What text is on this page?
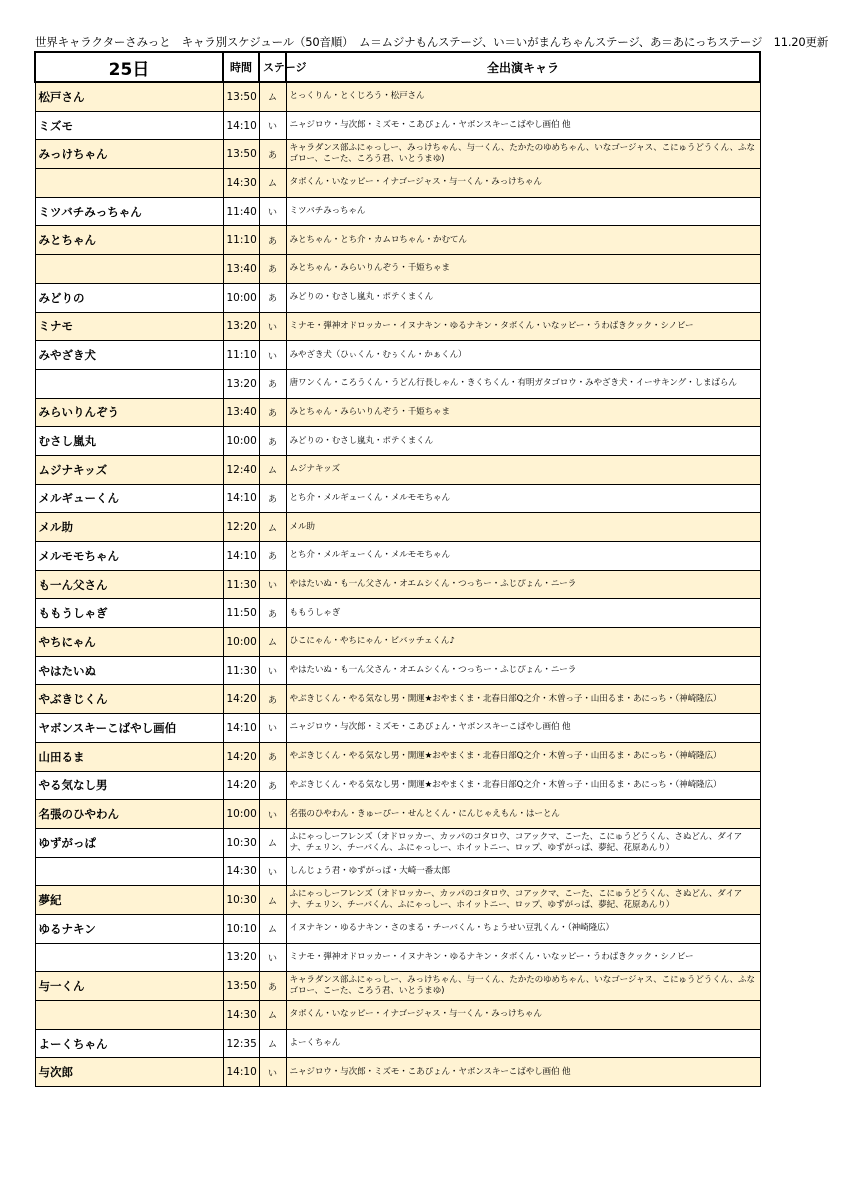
世界キャラクターさみっと　キャラ別スケジュール（50音順）　ム＝ムジナもんステージ、い＝いがまんちゃんステージ、あ＝あにっちステージ　11.20更新
25日	時間	ステージ	全出演キャラ
松戸さん	13:50	ム	とっくりん・とくじろう・松戸さん
ミズモ	14:10	い	ニャジロウ・与次郎・ミズモ・こあぴょん・ヤボンスキーこばやし画伯 他
みっけちゃん	13:50	あ	キャラダンス部ふにゃっしー、みっけちゃん、与一くん、たかたのゆめちゃん、いなゴージャス、こにゅうどうくん、ふなゴロー、こーた、ころう君、いとうまゆ)
	14:30	ム	タボくん・いなッピー・イナゴージャス・与一くん・みっけちゃん
ミツバチみっちゃん	11:40	い	ミツバチみっちゃん
みとちゃん	11:10	あ	みとちゃん・とち介・カムロちゃん・かむてん
	13:40	あ	みとちゃん・みらいりんぞう・千姫ちゃま
みどりの	10:00	あ	みどりの・むさし嵐丸・ポテくまくん
ミナモ	13:20	い	ミナモ・弾神オドロッカー・イヌナキン・ゆるナキン・タボくん・いなッピー・うわばきクック・シノビー
みやざき犬	11:10	い	みやざき犬（ひぃくん・むぅくん・かぁくん）
	13:20	あ	唐ワンくん・ころうくん・うどん行長しゃん・きくちくん・有明ガタゴロウ・みやざき犬・イーサキング・しまばらん
みらいりんぞう	13:40	あ	みとちゃん・みらいりんぞう・千姫ちゃま
むさし嵐丸	10:00	あ	みどりの・むさし嵐丸・ポテくまくん
ムジナキッズ	12:40	ム	ムジナキッズ
メルギューくん	14:10	あ	とち介・メルギューくん・メルモモちゃん
メル助	12:20	ム	メル助
メルモモちゃん	14:10	あ	とち介・メルギューくん・メルモモちゃん
も一ん父さん	11:30	い	やはたいぬ・も一ん父さん・オエムシくん・つっちー・ふじぴょん・ニーラ
ももうしゃぎ	11:50	あ	ももうしゃぎ
やちにゃん	10:00	ム	ひこにゃん・やちにゃん・ビバッチェくん♪
やはたいぬ	11:30	い	やはたいぬ・も一ん父さん・オエムシくん・つっちー・ふじぴょん・ニーラ
やぶきじくん	14:20	あ	やぶきじくん・やる気なし男・開運★おやまくま・北春日部Q之介・木曽っ子・山田るま・あにっち・（神崎隆広）
ヤボンスキーこばやし画伯	14:10	い	ニャジロウ・与次郎・ミズモ・こあぴょん・ヤボンスキーこばやし画伯 他
山田るま	14:20	あ	やぶきじくん・やる気なし男・開運★おやまくま・北春日部Q之介・木曽っ子・山田るま・あにっち・（神崎隆広）
やる気なし男	14:20	あ	やぶきじくん・やる気なし男・開運★おやまくま・北春日部Q之介・木曽っ子・山田るま・あにっち・（神崎隆広）
名張のひやわん	10:00	い	名張のひやわん・きゅーぴー・せんとくん・にんじゃえもん・はーとん
ゆずがっぱ	10:30	ム	ふにゃっしーフレンズ（オドロッカー、カッパのコタロウ、コアックマ、こーた、こにゅうどうくん、さぬどん、ダイアナ、チェリン、チーバくん、ふにゃっしー、ホイットニー、ロップ、ゆずがっぱ、夢紀、花原あんり）
	14:30	い	しんじょう君・ゆずがっぱ・大崎一番太郎
夢紀	10:30	ム	ふにゃっしーフレンズ（オドロッカー、カッパのコタロウ、コアックマ、こーた、こにゅうどうくん、さぬどん、ダイアナ、チェリン、チーバくん、ふにゃっしー、ホイットニー、ロップ、ゆずがっぱ、夢紀、花原あんり）
ゆるナキン	10:10	ム	イヌナキン・ゆるナキン・さのまる・チーバくん・ちょうせい豆乳くん・（神崎隆広）
	13:20	い	ミナモ・弾神オドロッカー・イヌナキン・ゆるナキン・タボくん・いなッピー・うわばきクック・シノビー
与一くん	13:50	あ	キャラダンス部ふにゃっしー、みっけちゃん、与一くん、たかたのゆめちゃん、いなゴージャス、こにゅうどうくん、ふなゴロー、こーた、ころう君、いとうまゆ)
	14:30	ム	タボくん・いなッピー・イナゴージャス・与一くん・みっけちゃん
よーくちゃん	12:35	ム	よーくちゃん
与次郎	14:10	い	ニャジロウ・与次郎・ミズモ・こあぴょん・ヤボンスキーこばやし画伯 他
